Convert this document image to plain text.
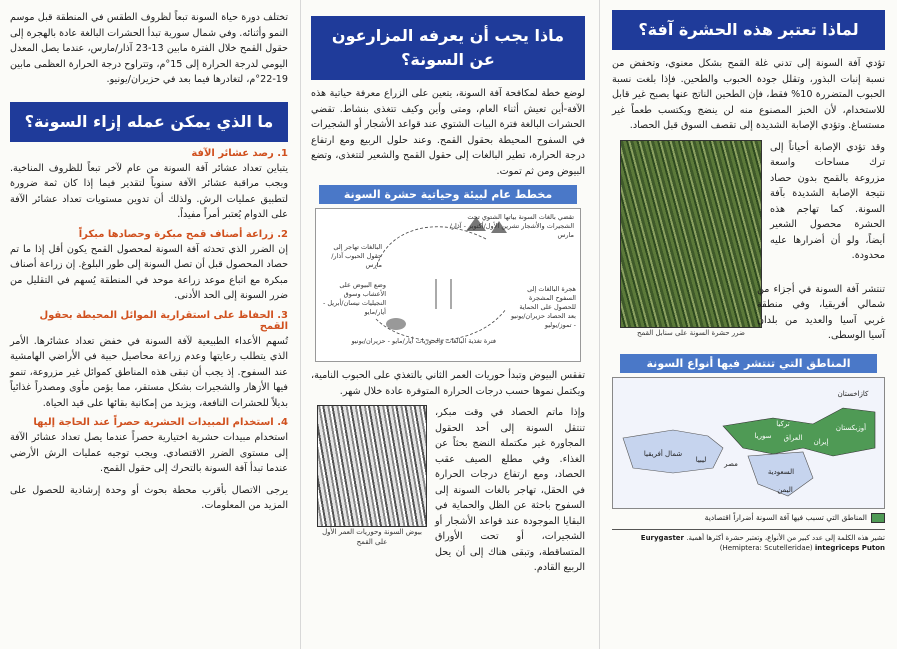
لماذا تعتبر هذه الحشرة آفة؟

تؤدي آفة السونة إلى تدني غلة القمح بشكل معنوي، وتخفض من نسبة إنبات البذور، وتقلل جودة الحبوب والطحين. فإذا بلغت نسبة الحبوب المتضررة 10% فقط، فإن الطحين الناتج عنها يصبح غير قابل للاستخدام، لأن الخبز المصنوع منه لن ينضج ويكتسب طعماً غير مستساغ. وتؤدي الإصابة الشديدة إلى تقصف السوق قبل الحصاد.

وقد تؤدي الإصابة أحياناً إلى ترك مساحات واسعة مزروعة بالقمح بدون حصاد نتيجة الإصابة الشديدة بآفة السونة. كما تهاجم هذه الحشرة محصول الشعير أيضاً، ولو أن أضرارها عليه محدودة.

ضرر حشرة السونة على سنابل القمح

تنتشر آفة السونة في أجزاء من شمالي أفريقيا، وفي منطقة غربي آسيا والعديد من بلدان آسيا الوسطى.

المناطق التي تنتشر فيها أنواع السونة
كازاخستان
أوزبكستان
إيران
العراق
سوريا
تركيا
شمال أفريقيا
ليبيا	مصر
السعودية
اليمن
المناطق التي تسبب فيها آفة السونة أضراراً اقتصادية
تشير هذه الكلمة إلى عدد كبير من الأنواع، وتعتبر حشرة أكثرها أهمية. Eurygaster integriceps Puton (Hemiptera: Scutelleridae)
ماذا يجب أن يعرفه المزارعون عن السونة؟

لوضع خطة لمكافحة آفة السونة، يتعين على الزراع معرفة حياتية هذه الآفة-أين تعيش أثناء العام، ومتى وأين وكيف تتغذى بنشاط. تقضي الحشرات البالغة فترة البيات الشتوي عند قواعد الأشجار أو الشجيرات في السفوح المحيطة بحقول القمح. وعند حلول الربيع ومع ارتفاع درجة الحرارة، تطير البالغات إلى حقول القمح والشعير لتتغذى، وتضع البيوض ومن ثم تموت.

مخطط عام لبيئة وحياتية حشرة السونة
تقضي بالغات السونة بياتها الشتوي تحت الشجيرات والأشجار تشرين الأول/أكتوبر - آذار/مارس
البالغات تهاجر إلى حقول الحبوب آذار/مارس
وضع البيوض على الأعشاب وسوق النجيليات نيسان/أبريل - أيار/مايو
هجرة البالغات إلى السفوح المشجرة للحصول على الحماية بعد الحصاد حزيران/يونيو - تموز/يوليو
فترة تغذية البالغات والحوريات أيار/مايو - حزيران/يونيو

تفقس البيوض وتبدأ حوريات العمر الثاني بالتغذي على الحبوب النامية، ويكتمل نموها حسب درجات الحرارة المتوفرة عادة خلال شهر.

وإذا ماتم الحصاد في وقت مبكر، تنتقل السونة إلى أحد الحقول المجاورة غير مكتملة النضج بحثاً عن الغذاء. وفي مطلع الصيف عقب الحصاد، ومع ارتفاع درجات الحرارة في الحقل، تهاجر بالغات السونة إلى السفوح باحثة عن الظل والحماية في البقايا الموجودة عند قواعد الأشجار أو الشجيرات، أو تحت الأوراق المتساقطة، وتبقى هناك إلى أن يحل الربيع القادم.

بيوض السونة وحوريات العمر الأول على القمح

تختلف دورة حياة السونة تبعاً لظروف الطقس في المنطقة قبل موسم النمو وأثنائه. وفي شمال سورية تبدأ الحشرات البالغة عادة بالهجرة إلى حقول القمح خلال الفترة مابين 13-23 آذار/مارس، عندما يصل المعدل اليومي لدرجة الحرارة إلى 15°م، وتتراوح درجة الحرارة العظمى مابين 19-22°م، لتغادرها فيما بعد في حزيران/يونيو.

ما الذي يمكن عمله إزاء السونة؟
1. رصد عشائر الآفة

يتباين تعداد عشائر آفة السونة من عام لآخر تبعاً للظروف المناخية. ويجب مراقبة عشائر الآفة سنوياً لتقدير فيما إذا كان ثمة ضرورة لتطبيق عمليات الرش. ولذلك أن تدوين مستويات تعداد عشائر الآفة على الدوام يُعتبر أمراً مفيداً.

2. زراعة أصناف قمح مبكرة وحصادها مبكراً

إن الضرر الذي تحدثه آفة السونة لمحصول القمح يكون أقل إذا ما تم حصاد المحصول قبل أن تصل السونة إلى طور البلوغ. إن زراعة أصناف مبكرة مع اتباع موعد زراعة موحد في المنطقة يُسهم في التقليل من ضرر السونة إلى الحد الأدنى.

3. الحفاظ على استقرارية الموائل المحيطة بحقول القمح

تُسهم الأعداء الطبيعية لآفة السونة في خفض تعداد عشائرها. الأمر الذي يتطلب رعايتها وعدم زراعة محاصيل حبية في الأراضي الهامشية عند السفوح. إذ يجب أن تبقى هذه المناطق كموائل غير مزروعة، تنمو فيها الأزهار والشجيرات بشكل مستقر، مما يؤمن مأوى ومصدراً غذائياً بديلاً للحشرات النافعة، ويزيد من إمكانية بقائها على قيد الحياة.

4. استخدام المبيدات الحشرية حصراً عند الحاجة إليها

استخدام مبيدات حشرية اختيارية حصراً عندما يصل تعداد عشائر الآفة إلى مستوى الضرر الاقتصادي. ويجب توجيه عمليات الرش الأرضي عندما تبدأ آفة السونة بالتحرك إلى حقول القمح.

يرجى الاتصال بأقرب محطة بحوث أو وحدة إرشادية للحصول على المزيد من المعلومات.
